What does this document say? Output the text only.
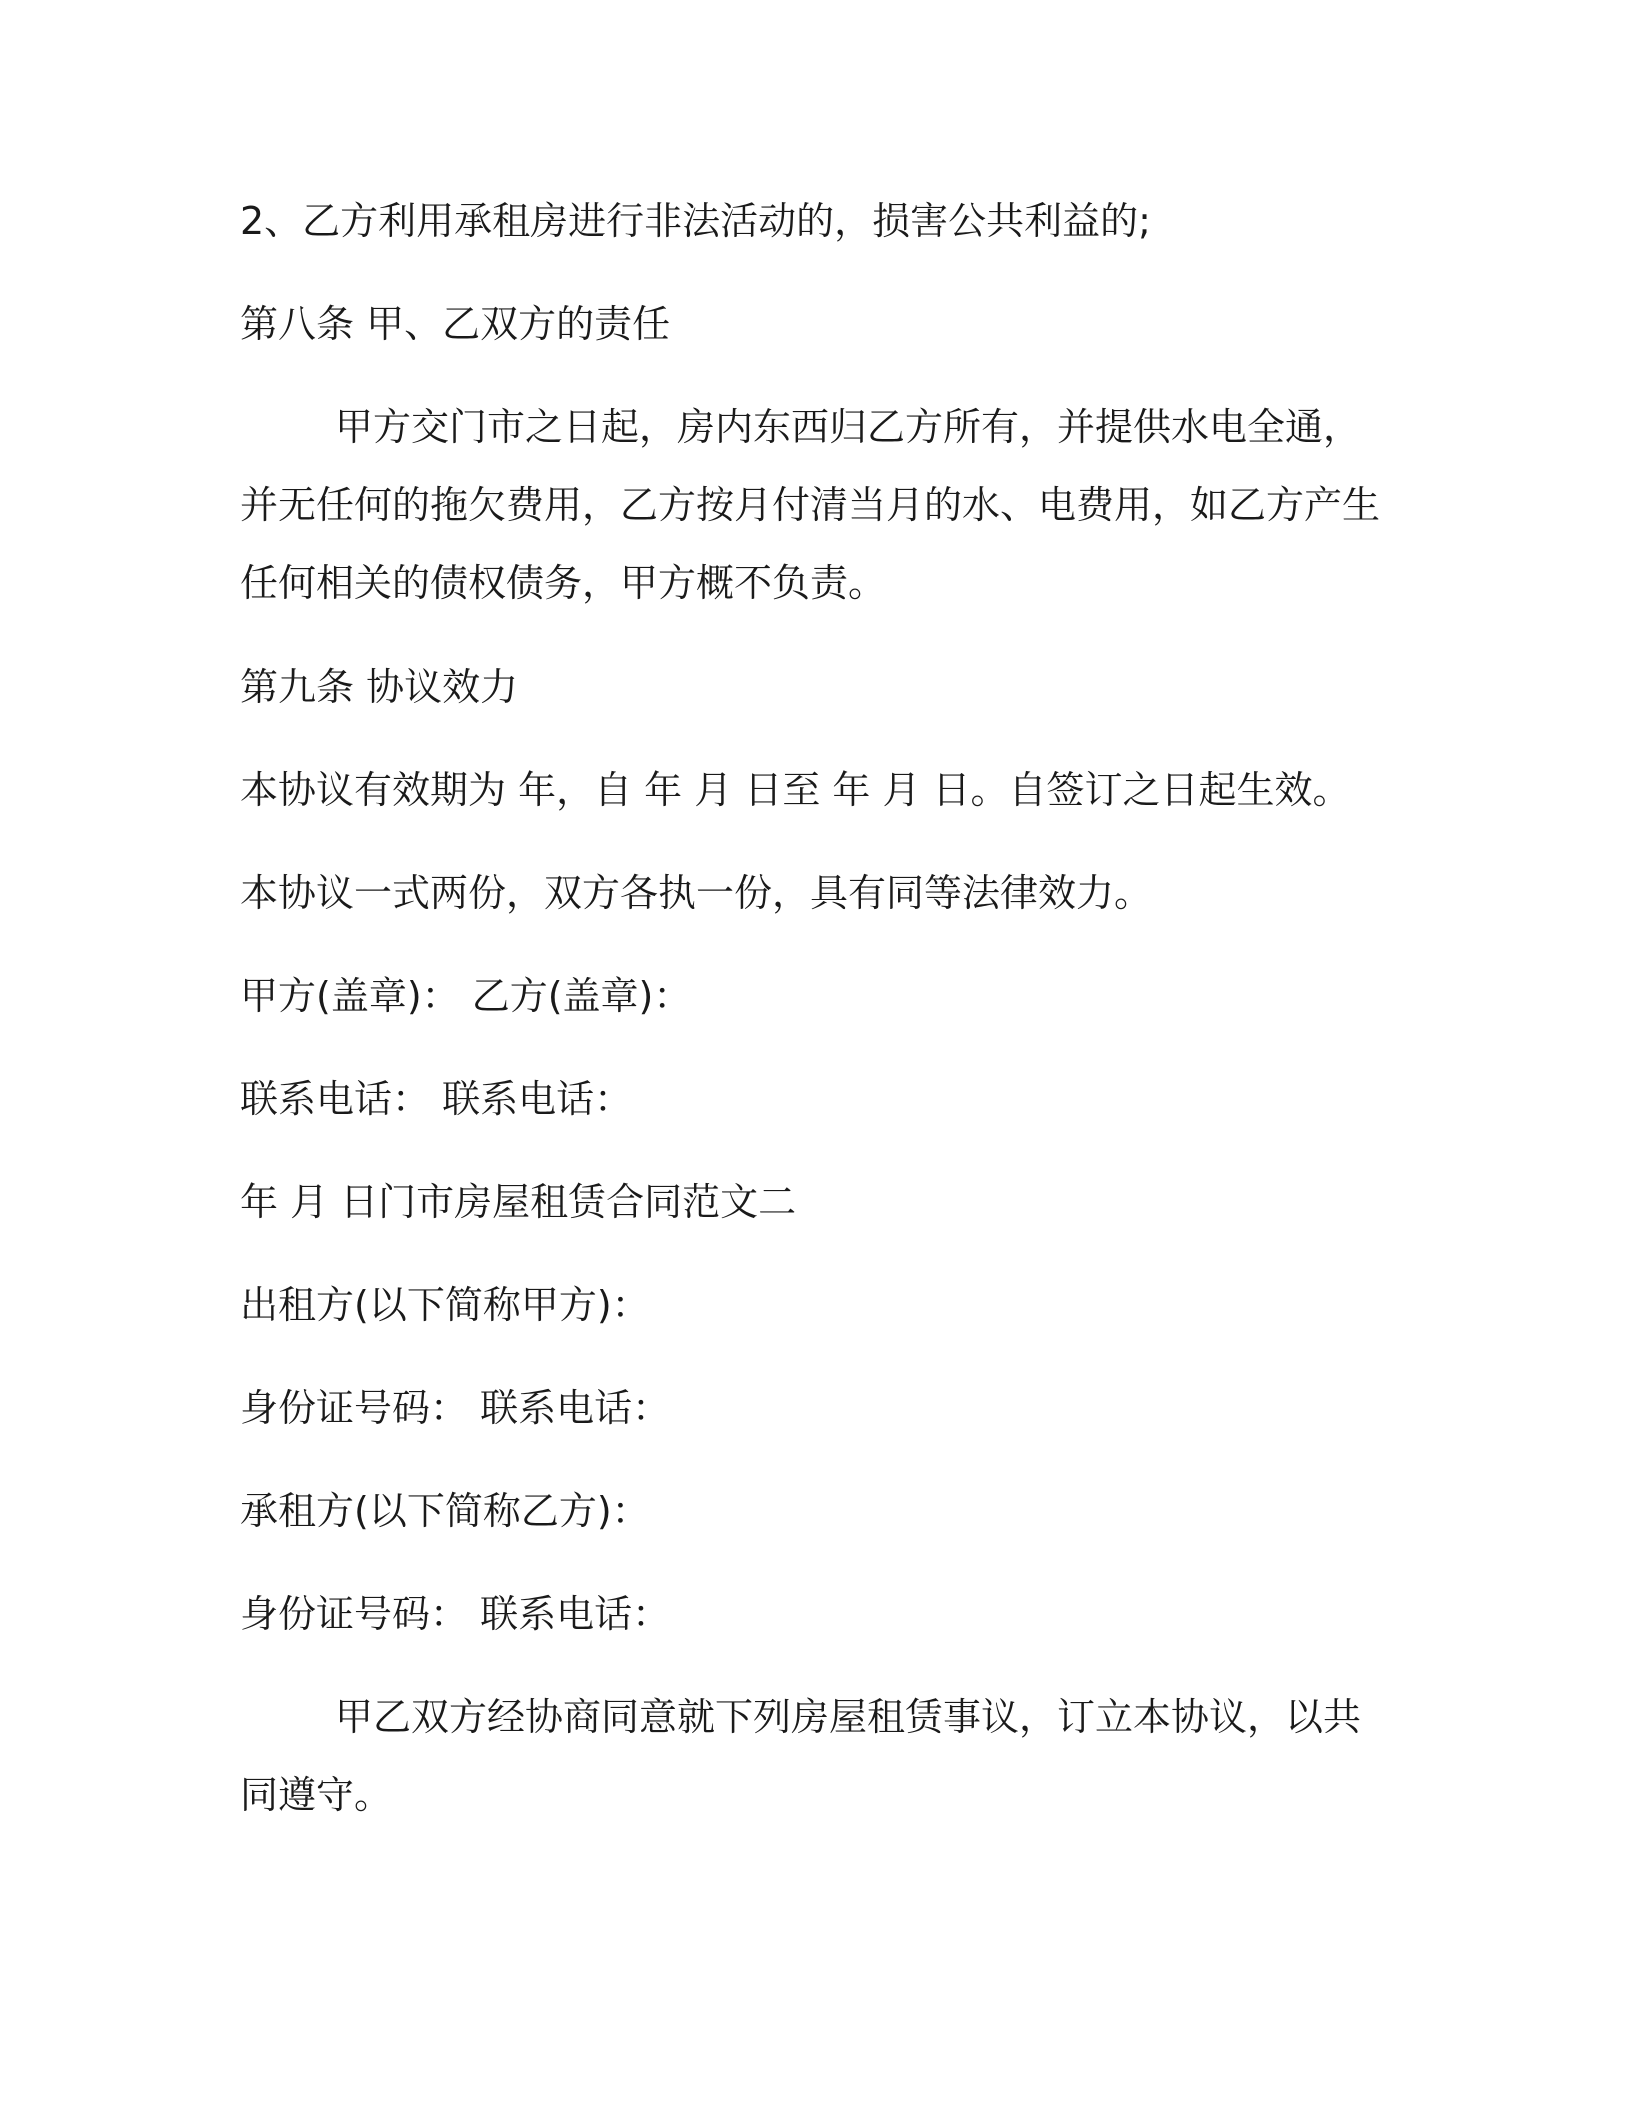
2、乙方利用承租房进行非法活动的，损害公共利益的;
第八条 甲、乙双方的责任
甲方交门市之日起，房内东西归乙方所有，并提供水电全通，并无任何的拖欠费用，乙方按月付清当月的水、电费用，如乙方产生任何相关的债权债务，甲方概不负责。
第九条 协议效力
本协议有效期为 年，自 年 月 日至 年 月 日。自签订之日起生效。
本协议一式两份，双方各执一份，具有同等法律效力。
甲方(盖章)： 乙方(盖章)：
联系电话： 联系电话：
年 月 日门市房屋租赁合同范文二
出租方(以下简称甲方)：
身份证号码： 联系电话：
承租方(以下简称乙方)：
身份证号码： 联系电话：
甲乙双方经协商同意就下列房屋租赁事议，订立本协议，以共同遵守。
